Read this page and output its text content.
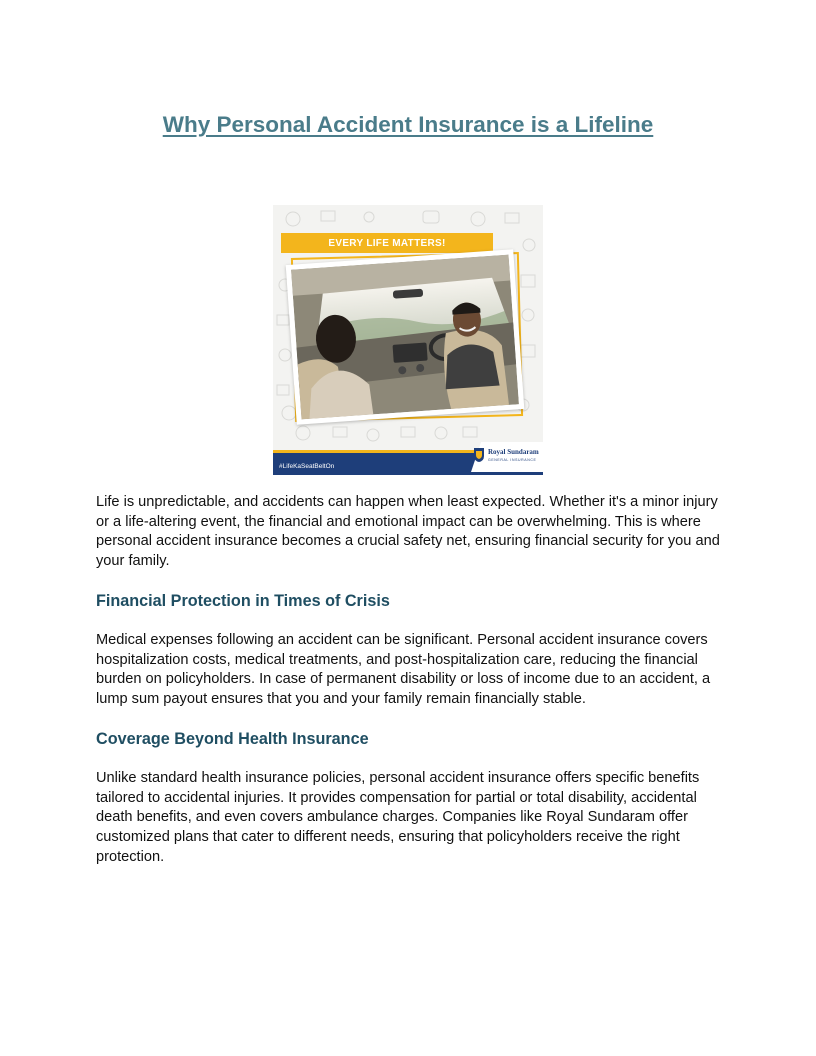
Why Personal Accident Insurance is a Lifeline
EVERY LIFE MATTERS!
#LifeKaSeatBeltOn
Royal Sundaram
GENERAL INSURANCE

Life is unpredictable, and accidents can happen when least expected. Whether it's a minor injury or a life-altering event, the financial and emotional impact can be overwhelming. This is where personal accident insurance becomes a crucial safety net, ensuring financial security for you and your family.

Financial Protection in Times of Crisis

Medical expenses following an accident can be significant. Personal accident insurance covers hospitalization costs, medical treatments, and post-hospitalization care, reducing the financial burden on policyholders. In case of permanent disability or loss of income due to an accident, a lump sum payout ensures that you and your family remain financially stable.

Coverage Beyond Health Insurance

Unlike standard health insurance policies, personal accident insurance offers specific benefits tailored to accidental injuries. It provides compensation for partial or total disability, accidental death benefits, and even covers ambulance charges. Companies like Royal Sundaram offer customized plans that cater to different needs, ensuring that policyholders receive the right protection.
